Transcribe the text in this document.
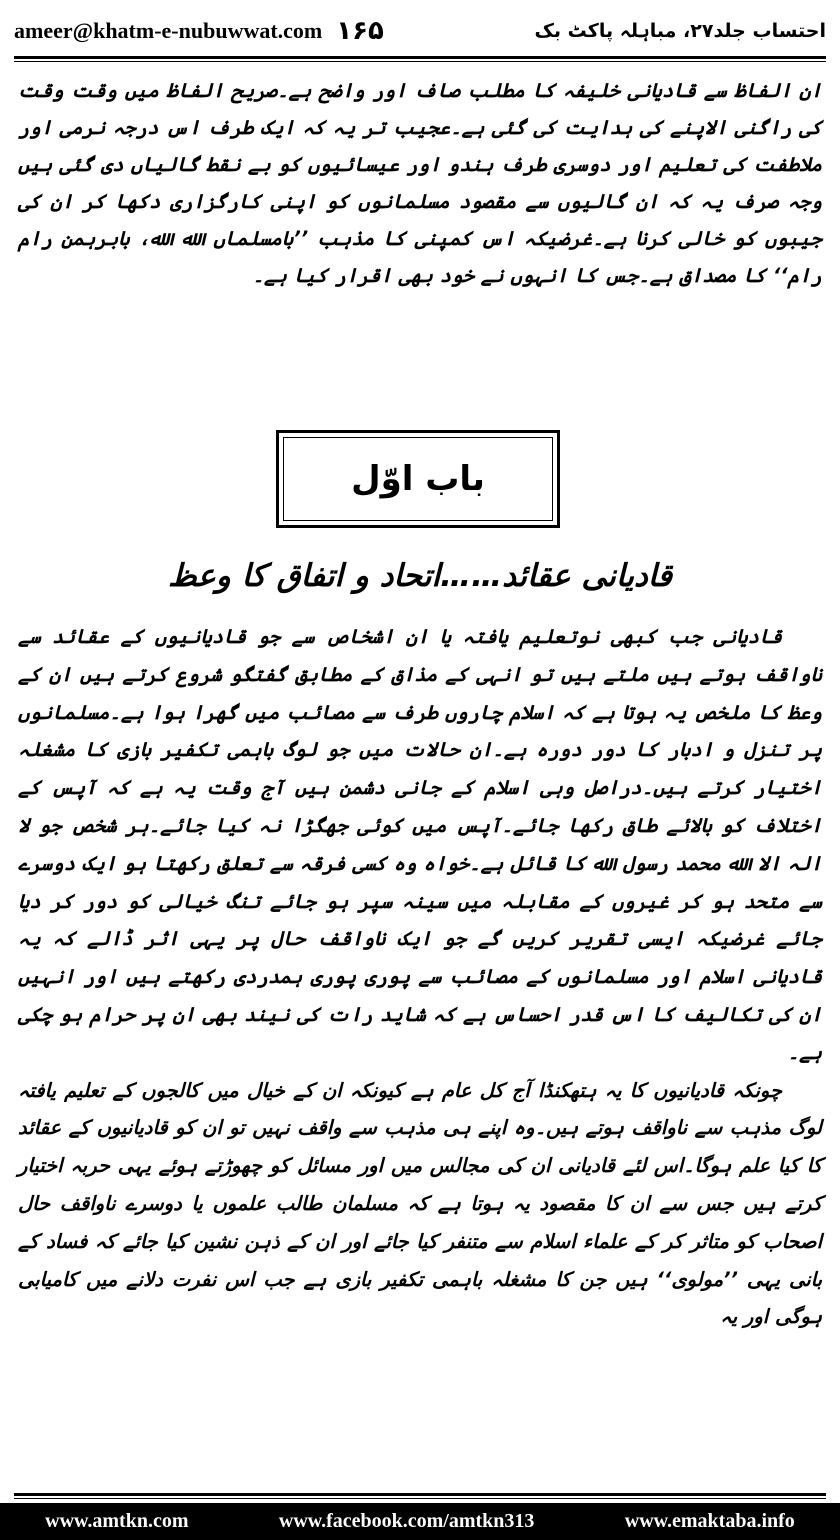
ameer@khatm-e-nubuwwat.com ۱۶۵	احتساب جلد۲۷، مباہلہ پاکٹ بک

ان الفاظ سے قادیانی خلیفہ کا مطلب صاف اور واضح ہے۔صریح الفاظ میں وقت وقت کی راگنی الاپنے کی ہدایت کی گئی ہے۔عجیب تر یہ کہ ایک طرف اس درجہ نرمی اور ملاطفت کی تعلیم اور دوسری طرف ہندو اور عیسائیوں کو بے نقط گالیاں دی گئی ہیں وجہ صرف یہ کہ ان گالیوں سے مقصود مسلمانوں کو اپنی کارگزاری دکھا کر ان کی جیبوں کو خالی کرنا ہے۔غرضیکہ اس کمپنی کا مذہب ’’بامسلماں الله الله، بابرہمن رام رام‘‘ کا مصداق ہے۔جس کا انہوں نے خود بھی اقرار کیا ہے۔

باب اوّل
قادیانی عقائد……اتحاد و اتفاق کا وعظ

قادیانی جب کبھی نوتعلیم یافتہ یا ان اشخاص سے جو قادیانیوں کے عقائد سے ناواقف ہوتے ہیں ملتے ہیں تو انہی کے مذاق کے مطابق گفتگو شروع کرتے ہیں ان کے وعظ کا ملخص یہ ہوتا ہے کہ اسلام چاروں طرف سے مصائب میں گھرا ہوا ہے۔مسلمانوں پر تنزل و ادبار کا دور دورہ ہے۔ان حالات میں جو لوگ باہمی تکفیر بازی کا مشغلہ اختیار کرتے ہیں۔دراصل وہی اسلام کے جانی دشمن ہیں آج وقت یہ ہے کہ آپس کے اختلاف کو بالائے طاق رکھا جائے۔آپس میں کوئی جھگڑا نہ کیا جائے۔ہر شخص جو لا الہ الا الله محمد رسول الله کا قائل ہے۔خواہ وہ کسی فرقہ سے تعلق رکھتا ہو ایک دوسرے سے متحد ہو کر غیروں کے مقابلہ میں سینہ سپر ہو جائے تنگ خیالی کو دور کر دیا جائے غرضیکہ ایسی تقریر کریں گے جو ایک ناواقف حال پر یہی اثر ڈالے کہ یہ قادیانی اسلام اور مسلمانوں کے مصائب سے پوری پوری ہمدردی رکھتے ہیں اور انہیں ان کی تکالیف کا اس قدر احساس ہے کہ شاید رات کی نیند بھی ان پر حرام ہو چکی ہے۔

چونکہ قادیانیوں کا یہ ہتھکنڈا آج کل عام ہے کیونکہ ان کے خیال میں کالجوں کے تعلیم یافتہ لوگ مذہب سے ناواقف ہوتے ہیں۔وہ اپنے ہی مذہب سے واقف نہیں تو ان کو قادیانیوں کے عقائد کا کیا علم ہوگا۔اس لئے قادیانی ان کی مجالس میں اور مسائل کو چھوڑتے ہوئے یہی حربہ اختیار کرتے ہیں جس سے ان کا مقصود یہ ہوتا ہے کہ مسلمان طالب علموں یا دوسرے ناواقف حال اصحاب کو متاثر کر کے علماء اسلام سے متنفر کیا جائے اور ان کے ذہن نشین کیا جائے کہ فساد کے بانی یہی ’’مولوی‘‘ ہیں جن کا مشغلہ باہمی تکفیر بازی ہے جب اس نفرت دلانے میں کامیابی ہوگی اور یہ

www.amtkn.com	www.facebook.com/amtkn313	www.emaktaba.info
